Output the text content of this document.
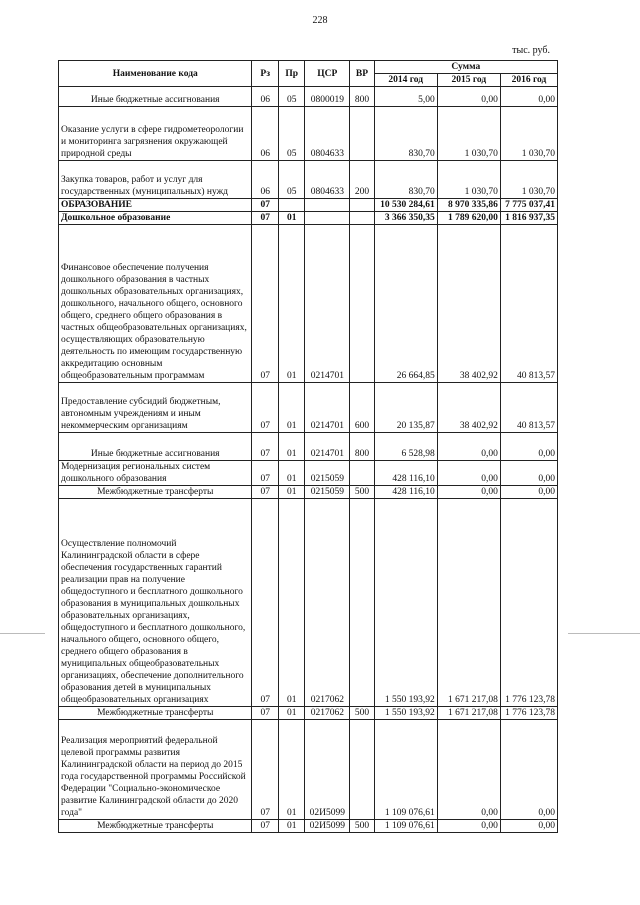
228
тыс. руб.
Наименование кода	Рз	Пр	ЦСР	ВР	Сумма		
					2014 год	2015 год	2016 год
Иные бюджетные ассигнования	06	05	0800019	800	5,00	0,00	0,00
Оказание услуги в сфере гидрометеорологии и мониторинга загрязнения окружающей природной среды	06	05	0804633		830,70	1 030,70	1 030,70
Закупка товаров, работ и услуг для государственных (муниципальных) нужд	06	05	0804633	200	830,70	1 030,70	1 030,70
ОБРАЗОВАНИЕ	07				10 530 284,61	8 970 335,86	7 775 037,41
Дошкольное образование	07	01			3 366 350,35	1 789 620,00	1 816 937,35
Финансовое обеспечение получения дошкольного образования в частных дошкольных образовательных организациях, дошкольного, начального общего, основного общего, среднего общего образования в частных общеобразовательных организациях, осуществляющих образовательную деятельность по имеющим государственную аккредитацию основным общеобразовательным программам	07	01	0214701		26 664,85	38 402,92	40 813,57
Предоставление субсидий бюджетным, автономным учреждениям и иным некоммерческим организациям	07	01	0214701	600	20 135,87	38 402,92	40 813,57
Иные бюджетные ассигнования	07	01	0214701	800	6 528,98	0,00	0,00
Модернизация региональных систем дошкольного образования	07	01	0215059		428 116,10	0,00	0,00
Межбюджетные трансферты	07	01	0215059	500	428 116,10	0,00	0,00
Осуществление полномочий Калининградской области в сфере обеспечения государственных гарантий реализации прав на получение общедоступного и бесплатного дошкольного образования в муниципальных дошкольных образовательных организациях, общедоступного и бесплатного дошкольного, начального общего, основного общего, среднего общего образования в муниципальных общеобразовательных организациях, обеспечение дополнительного образования детей в муниципальных общеобразовательных организациях	07	01	0217062		1 550 193,92	1 671 217,08	1 776 123,78
Межбюджетные трансферты	07	01	0217062	500	1 550 193,92	1 671 217,08	1 776 123,78
Реализация мероприятий федеральной целевой программы развития Калининградской области на период до 2015 года государственной программы Российской Федерации "Социально-экономическое развитие Калининградской области до 2020 года"	07	01	02И5099		1 109 076,61	0,00	0,00
Межбюджетные трансферты	07	01	02И5099	500	1 109 076,61	0,00	0,00
